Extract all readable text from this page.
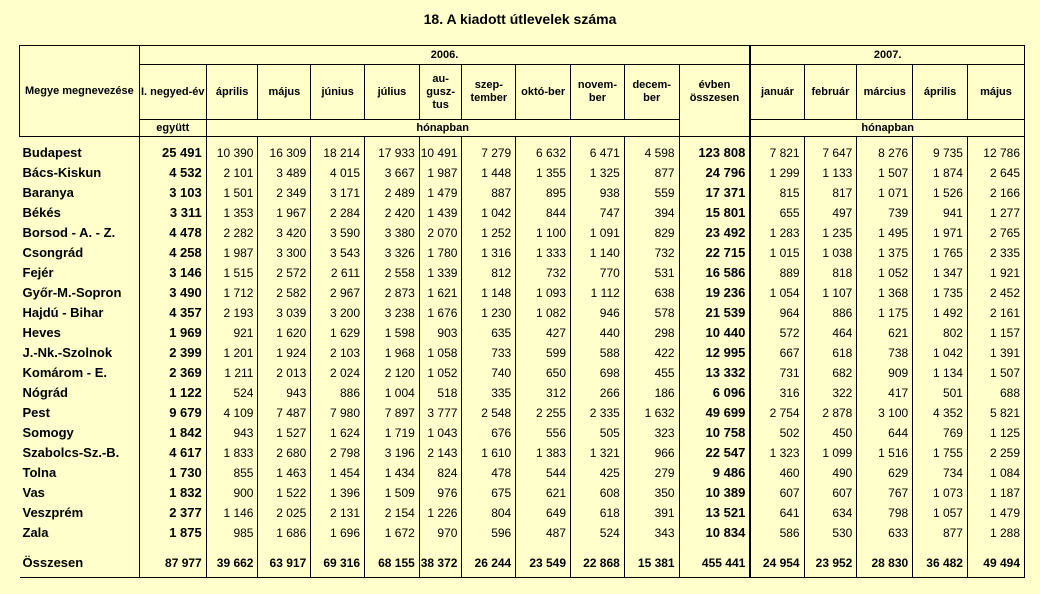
18. A kiadott útlevelek száma
Megye megnevezése	2006.											2007.				
	I. negyed-év	április	május	június	július	au-gusz-tus	szep-tember	októ-ber	novem-ber	decem-ber	évben összesen	január	február	március	április	május
	együtt	hónapban										hónapban				
Budapest	25 491	10 390	16 309	18 214	17 933	10 491	7 279	6 632	6 471	4 598	123 808	7 821	7 647	8 276	9 735	12 786
Bács-Kiskun	4 532	2 101	3 489	4 015	3 667	1 987	1 448	1 355	1 325	877	24 796	1 299	1 133	1 507	1 874	2 645
Baranya	3 103	1 501	2 349	3 171	2 489	1 479	887	895	938	559	17 371	815	817	1 071	1 526	2 166
Békés	3 311	1 353	1 967	2 284	2 420	1 439	1 042	844	747	394	15 801	655	497	739	941	1 277
Borsod - A. - Z.	4 478	2 282	3 420	3 590	3 380	2 070	1 252	1 100	1 091	829	23 492	1 283	1 235	1 495	1 971	2 765
Csongrád	4 258	1 987	3 300	3 543	3 326	1 780	1 316	1 333	1 140	732	22 715	1 015	1 038	1 375	1 765	2 335
Fejér	3 146	1 515	2 572	2 611	2 558	1 339	812	732	770	531	16 586	889	818	1 052	1 347	1 921
Győr-M.-Sopron	3 490	1 712	2 582	2 967	2 873	1 621	1 148	1 093	1 112	638	19 236	1 054	1 107	1 368	1 735	2 452
Hajdú - Bihar	4 357	2 193	3 039	3 200	3 238	1 676	1 230	1 082	946	578	21 539	964	886	1 175	1 492	2 161
Heves	1 969	921	1 620	1 629	1 598	903	635	427	440	298	10 440	572	464	621	802	1 157
J.-Nk.-Szolnok	2 399	1 201	1 924	2 103	1 968	1 058	733	599	588	422	12 995	667	618	738	1 042	1 391
Komárom - E.	2 369	1 211	2 013	2 024	2 120	1 052	740	650	698	455	13 332	731	682	909	1 134	1 507
Nógrád	1 122	524	943	886	1 004	518	335	312	266	186	6 096	316	322	417	501	688
Pest	9 679	4 109	7 487	7 980	7 897	3 777	2 548	2 255	2 335	1 632	49 699	2 754	2 878	3 100	4 352	5 821
Somogy	1 842	943	1 527	1 624	1 719	1 043	676	556	505	323	10 758	502	450	644	769	1 125
Szabolcs-Sz.-B.	4 617	1 833	2 680	2 798	3 196	2 143	1 610	1 383	1 321	966	22 547	1 323	1 099	1 516	1 755	2 259
Tolna	1 730	855	1 463	1 454	1 434	824	478	544	425	279	9 486	460	490	629	734	1 084
Vas	1 832	900	1 522	1 396	1 509	976	675	621	608	350	10 389	607	607	767	1 073	1 187
Veszprém	2 377	1 146	2 025	2 131	2 154	1 226	804	649	618	391	13 521	641	634	798	1 057	1 479
Zala	1 875	985	1 686	1 696	1 672	970	596	487	524	343	10 834	586	530	633	877	1 288
Összesen	87 977	39 662	63 917	69 316	68 155	38 372	26 244	23 549	22 868	15 381	455 441	24 954	23 952	28 830	36 482	49 494
